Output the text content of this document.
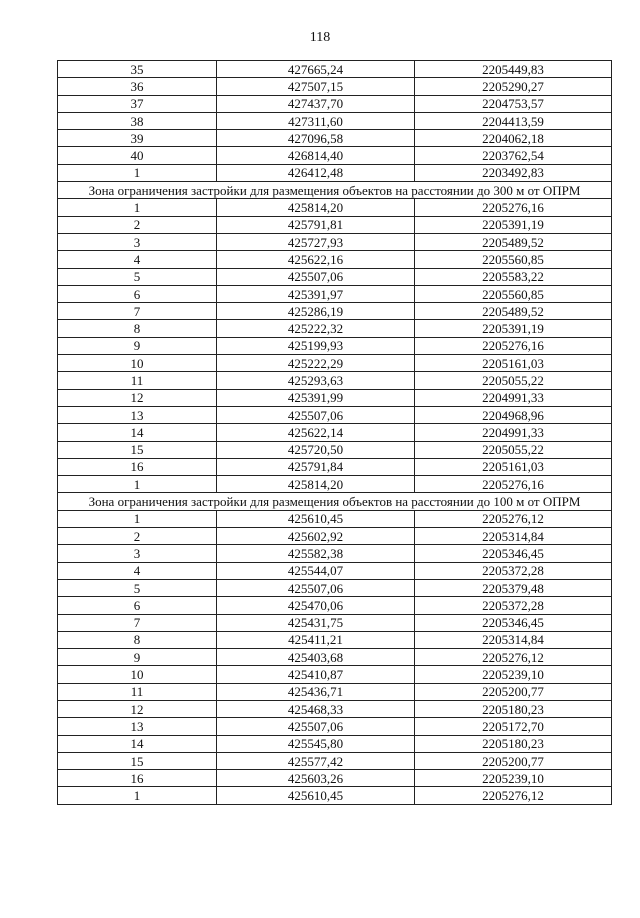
118
35	427665,24	2205449,83
36	427507,15	2205290,27
37	427437,70	2204753,57
38	427311,60	2204413,59
39	427096,58	2204062,18
40	426814,40	2203762,54
1	426412,48	2203492,83
Зона ограничения застройки для размещения объектов на расстоянии до 300 м от ОПРМ		
1	425814,20	2205276,16
2	425791,81	2205391,19
3	425727,93	2205489,52
4	425622,16	2205560,85
5	425507,06	2205583,22
6	425391,97	2205560,85
7	425286,19	2205489,52
8	425222,32	2205391,19
9	425199,93	2205276,16
10	425222,29	2205161,03
11	425293,63	2205055,22
12	425391,99	2204991,33
13	425507,06	2204968,96
14	425622,14	2204991,33
15	425720,50	2205055,22
16	425791,84	2205161,03
1	425814,20	2205276,16
Зона ограничения застройки для размещения объектов на расстоянии до 100 м от ОПРМ		
1	425610,45	2205276,12
2	425602,92	2205314,84
3	425582,38	2205346,45
4	425544,07	2205372,28
5	425507,06	2205379,48
6	425470,06	2205372,28
7	425431,75	2205346,45
8	425411,21	2205314,84
9	425403,68	2205276,12
10	425410,87	2205239,10
11	425436,71	2205200,77
12	425468,33	2205180,23
13	425507,06	2205172,70
14	425545,80	2205180,23
15	425577,42	2205200,77
16	425603,26	2205239,10
1	425610,45	2205276,12
